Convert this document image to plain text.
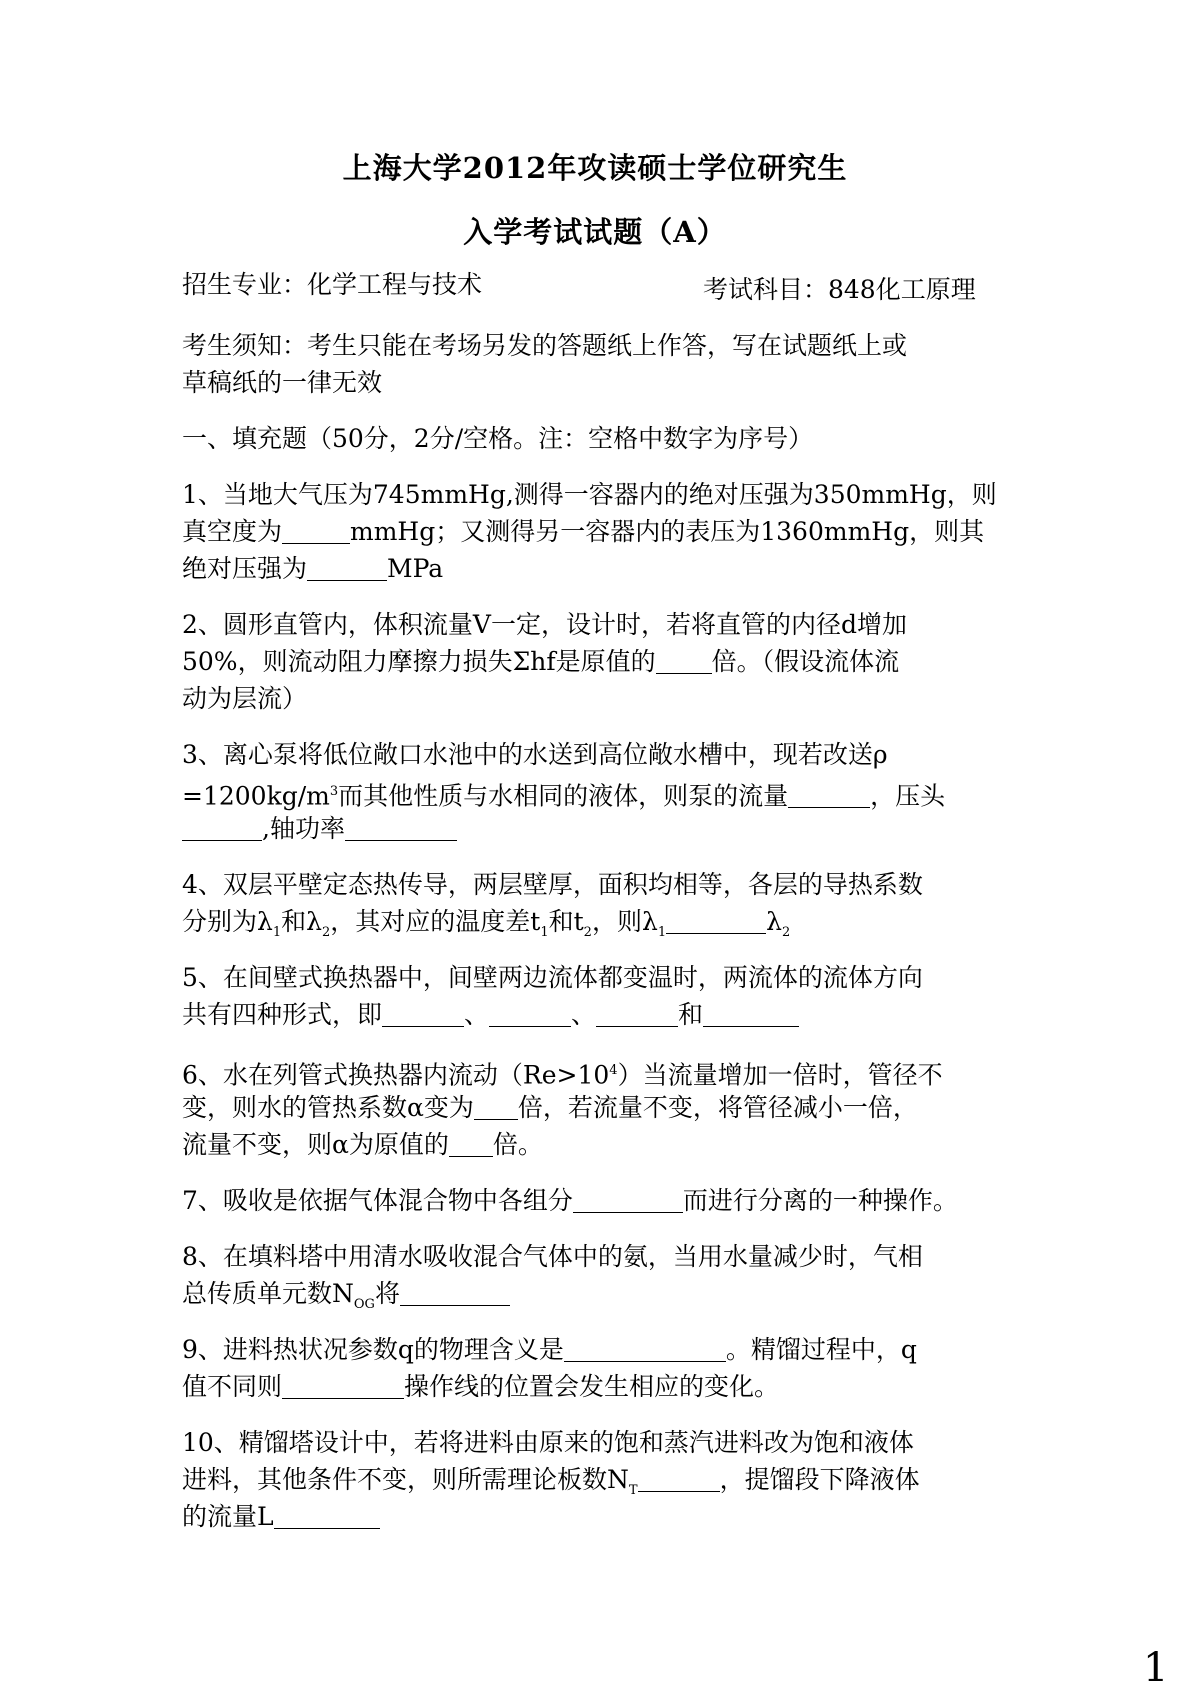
上海大学2012年攻读硕士学位研究生
入学考试试题（A）
招生专业：化学工程与技术	考试科目：848化工原理
考生须知：考生只能在考场另发的答题纸上作答，写在试题纸上或
草稿纸的一律无效
一、填充题（50分，2分/空格。注：空格中数字为序号）
1、当地大气压为745mmHg,测得一容器内的绝对压强为350mmHg，则
真空度为	mmHg；又测得另一容器内的表压为1360mmHg，则其
绝对压强为	MPa
2、圆形直管内，体积流量V一定，设计时，若将直管的内径d增加
50%，则流动阻力摩擦力损失Σhf是原值的 倍。（假设流体流
动为层流）
3、离心泵将低位敞口水池中的水送到高位敞水槽中，现若改送ρ
$=1200kg/m^3$而其他性质与水相同的液体，则泵的流量	，压头
,轴功率
4、双层平壁定态热传导，两层壁厚，面积均相等，各层的导热系数
分别为$\lambda_1$和$\lambda_2$，其对应的温度差$t_1$和$t_2$，则$\lambda_1$	$\lambda_2$
5、在间壁式换热器中，间壁两边流体都变温时，两流体的流体方向
共有四种形式，即	、	、	和
6、水在列管式换热器内流动$(Re>10^4)$当流量增加一倍时，管径不
变，则水的管热系数α变为 倍，若流量不变，将管径减小一倍，
流量不变，则α为原值的 倍。
7、吸收是依据气体混合物中各组分	而进行分离的一种操作。
8、在填料塔中用清水吸收混合气体中的氨，当用水量减少时，气相
总传质单元数$N_{OG}$将
9、进料热状况参数q的物理含义是	。精馏过程中，q
值不同则	操作线的位置会发生相应的变化。
10、精馏塔设计中，若将进料由原来的饱和蒸汽进料改为饱和液体
进料，其他条件不变，则所需理论板数$N_T$	，提馏段下降液体
的流量L
1
